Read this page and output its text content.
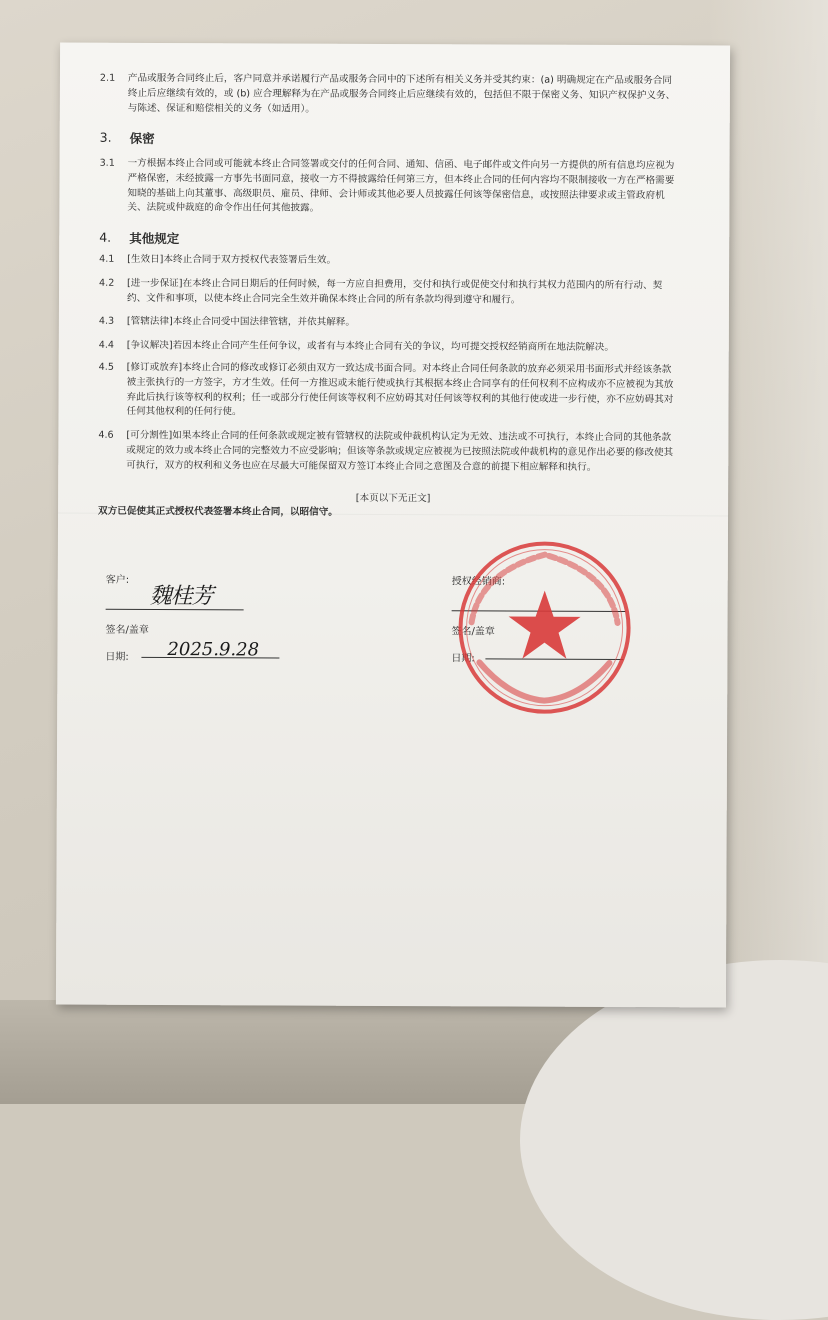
2.1 产品或服务合同终止后，客户同意并承诺履行产品或服务合同中的下述所有相关义务并受其约束：(a) 明确规定在产品或服务合同
终止后应继续有效的，或 (b) 应合理解释为在产品或服务合同终止后应继续有效的，包括但不限于保密义务、知识产权保护义务、
与陈述、保证和赔偿相关的义务（如适用）。
3. 保密
3.1 一方根据本终止合同或可能就本终止合同签署或交付的任何合同、通知、信函、电子邮件或文件向另一方提供的所有信息均应视为
严格保密，未经披露一方事先书面同意，接收一方不得披露给任何第三方，但本终止合同的任何内容均不限制接收一方在严格需要
知晓的基础上向其董事、高级职员、雇员、律师、会计师或其他必要人员披露任何该等保密信息，或按照法律要求或主管政府机
关、法院或仲裁庭的命令作出任何其他披露。
4. 其他规定
4.1 [生效日]本终止合同于双方授权代表签署后生效。
4.2 [进一步保证]在本终止合同日期后的任何时候，每一方应自担费用，交付和执行或促使交付和执行其权力范围内的所有行动、契
约、文件和事项，以使本终止合同完全生效并确保本终止合同的所有条款均得到遵守和履行。
4.3 [管辖法律]本终止合同受中国法律管辖，并依其解释。
4.4 [争议解决]若因本终止合同产生任何争议，或者有与本终止合同有关的争议，均可提交授权经销商所在地法院解决。
4.5 [修订或放弃]本终止合同的修改或修订必须由双方一致达成书面合同。对本终止合同任何条款的放弃必须采用书面形式并经该条款
被主张执行的一方签字，方才生效。任何一方推迟或未能行使或执行其根据本终止合同享有的任何权利不应构成亦不应被视为其放
弃此后执行该等权利的权利；任一或部分行使任何该等权利不应妨碍其对任何该等权利的其他行使或进一步行使，亦不应妨碍其对
任何其他权利的任何行使。
4.6 [可分割性]如果本终止合同的任何条款或规定被有管辖权的法院或仲裁机构认定为无效、违法或不可执行，本终止合同的其他条款
或规定的效力或本终止合同的完整效力不应受影响；但该等条款或规定应被视为已按照法院或仲裁机构的意见作出必要的修改使其
可执行，双方的权利和义务也应在尽最大可能保留双方签订本终止合同之意图及合意的前提下相应解释和执行。
[本页以下无正文]
双方已促使其正式授权代表签署本终止合同，以昭信守。
客户:
魏桂芳
签名/盖章
日期: 2025.9.28
授权经销商:
签名/盖章
日期:
